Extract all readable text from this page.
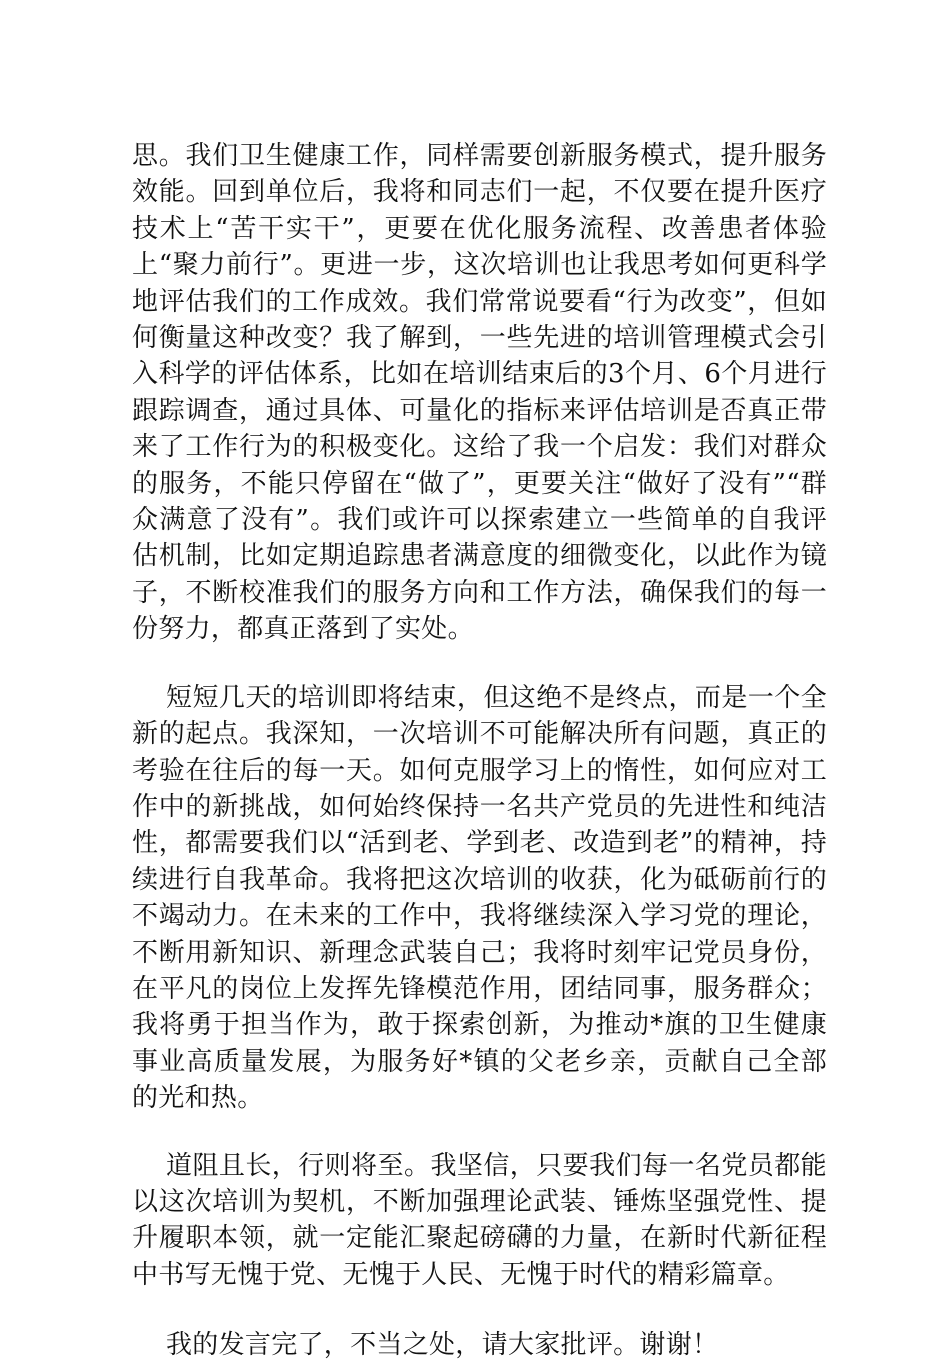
思。我们卫生健康工作，同样需要创新服务模式，提升服务效能。回到单位后，我将和同志们一起，不仅要在提升医疗技术上“苦干实干”，更要在优化服务流程、改善患者体验上“聚力前行”。更进一步，这次培训也让我思考如何更科学地评估我们的工作成效。我们常常说要看“行为改变”，但如何衡量这种改变？我了解到，一些先进的培训管理模式会引入科学的评估体系，比如在培训结束后的3个月、6个月进行跟踪调查，通过具体、可量化的指标来评估培训是否真正带来了工作行为的积极变化。这给了我一个启发：我们对群众的服务，不能只停留在“做了”，更要关注“做好了没有”“群众满意了没有”。我们或许可以探索建立一些简单的自我评估机制，比如定期追踪患者满意度的细微变化，以此作为镜子，不断校准我们的服务方向和工作方法，确保我们的每一份努力，都真正落到了实处。

短短几天的培训即将结束，但这绝不是终点，而是一个全新的起点。我深知，一次培训不可能解决所有问题，真正的考验在往后的每一天。如何克服学习上的惰性，如何应对工作中的新挑战，如何始终保持一名共产党员的先进性和纯洁性，都需要我们以“活到老、学到老、改造到老”的精神，持续进行自我革命。我将把这次培训的收获，化为砥砺前行的不竭动力。在未来的工作中，我将继续深入学习党的理论，不断用新知识、新理念武装自己；我将时刻牢记党员身份，在平凡的岗位上发挥先锋模范作用，团结同事，服务群众；我将勇于担当作为，敢于探索创新，为推动*旗的卫生健康事业高质量发展，为服务好*镇的父老乡亲，贡献自己全部的光和热。

道阻且长，行则将至。我坚信，只要我们每一名党员都能以这次培训为契机，不断加强理论武装、锤炼坚强党性、提升履职本领，就一定能汇聚起磅礴的力量，在新时代新征程中书写无愧于党、无愧于人民、无愧于时代的精彩篇章。

我的发言完了，不当之处，请大家批评。谢谢！
